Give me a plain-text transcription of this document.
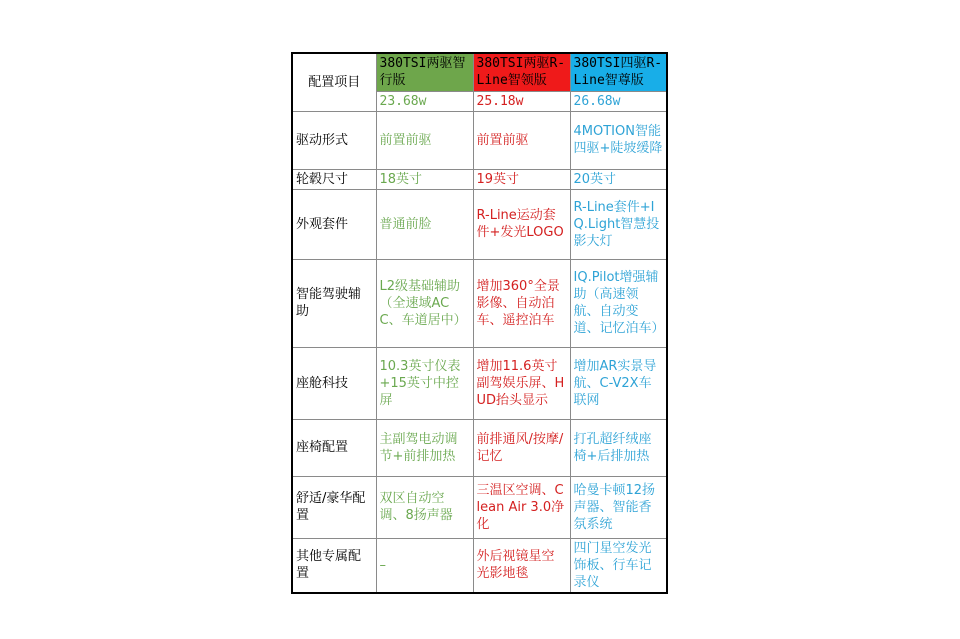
配置项目	380TSI两驱智行版	380TSI两驱R-Line智领版	380TSI四驱R-Line智尊版
	23.68w	25.18w	26.68w
驱动形式	前置前驱	前置前驱	4MOTION智能四驱+陡坡缓降
轮毂尺寸	18英寸	19英寸	20英寸
外观套件	普通前脸	R-Line运动套件+发光LOGO	R-Line套件+IQ.Light智慧投影大灯
智能驾驶辅助	L2级基础辅助（全速域ACC、车道居中）	增加360°全景影像、自动泊车、遥控泊车	IQ.Pilot增强辅助（高速领航、自动变道、记忆泊车）
座舱科技	10.3英寸仪表+15英寸中控屏	增加11.6英寸副驾娱乐屏、HUD抬头显示	增加AR实景导航、C-V2X车联网
座椅配置	主副驾电动调节+前排加热	前排通风/按摩/记忆	打孔超纤绒座椅+后排加热
舒适/豪华配置	双区自动空调、8扬声器	三温区空调、Clean Air 3.0净化	哈曼卡顿12扬声器、智能香氛系统
其他专属配置	–	外后视镜星空光影地毯	四门星空发光饰板、行车记录仪
